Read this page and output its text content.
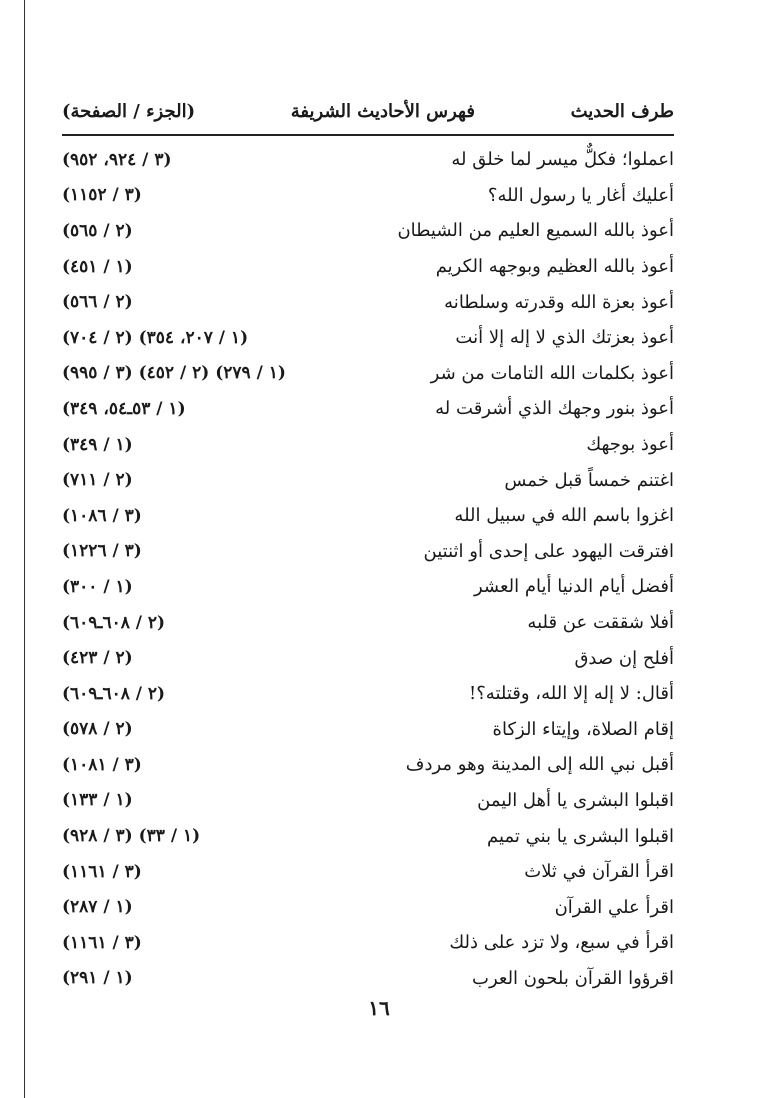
طرف الحديث
فهرس الأحاديث الشريفة
(الجزء / الصفحة)
اعملوا؛ فكلٌّ ميسر لما خلق له
(٣ / ٩٢٤، ٩٥٢)
أعليك أغار يا رسول الله؟
(٣ / ١١٥٢)
أعوذ بالله السميع العليم من الشيطان
(٢ / ٥٦٥)
أعوذ بالله العظيم وبوجهه الكريم
(١ / ٤٥١)
أعوذ بعزة الله وقدرته وسلطانه
(٢ / ٥٦٦)
أعوذ بعزتك الذي لا إله إلا أنت
(١ / ٢٠٧، ٣٥٤) (٢ / ٧٠٤)
أعوذ بكلمات الله التامات من شر
(١ / ٢٧٩) (٢ / ٤٥٢) (٣ / ٩٩٥)
أعوذ بنور وجهك الذي أشرقت له
(١ / ٥٣ـ٥٤، ٣٤٩)
أعوذ بوجهك
(١ / ٣٤٩)
اغتنم خمساً قبل خمس
(٢ / ٧١١)
اغزوا باسم الله في سبيل الله
(٣ / ١٠٨٦)
افترقت اليهود على إحدى أو اثنتين
(٣ / ١٢٢٦)
أفضل أيام الدنيا أيام العشر
(١ / ٣٠٠)
أفلا شققت عن قلبه
(٢ / ٦٠٨ـ٦٠٩)
أفلح إن صدق
(٢ / ٤٢٣)
أقال: لا إله إلا الله، وقتلته؟!
(٢ / ٦٠٨ـ٦٠٩)
إقام الصلاة، وإيتاء الزكاة
(٢ / ٥٧٨)
أقبل نبي الله إلى المدينة وهو مردف
(٣ / ١٠٨١)
اقبلوا البشرى يا أهل اليمن
(١ / ١٣٣)
اقبلوا البشرى يا بني تميم
(١ / ٣٣) (٣ / ٩٢٨)
اقرأ القرآن في ثلاث
(٣ / ١١٦١)
اقرأ علي القرآن
(١ / ٢٨٧)
اقرأ في سبع، ولا تزد على ذلك
(٣ / ١١٦١)
اقرؤوا القرآن بلحون العرب
(١ / ٢٩١)
١٦
